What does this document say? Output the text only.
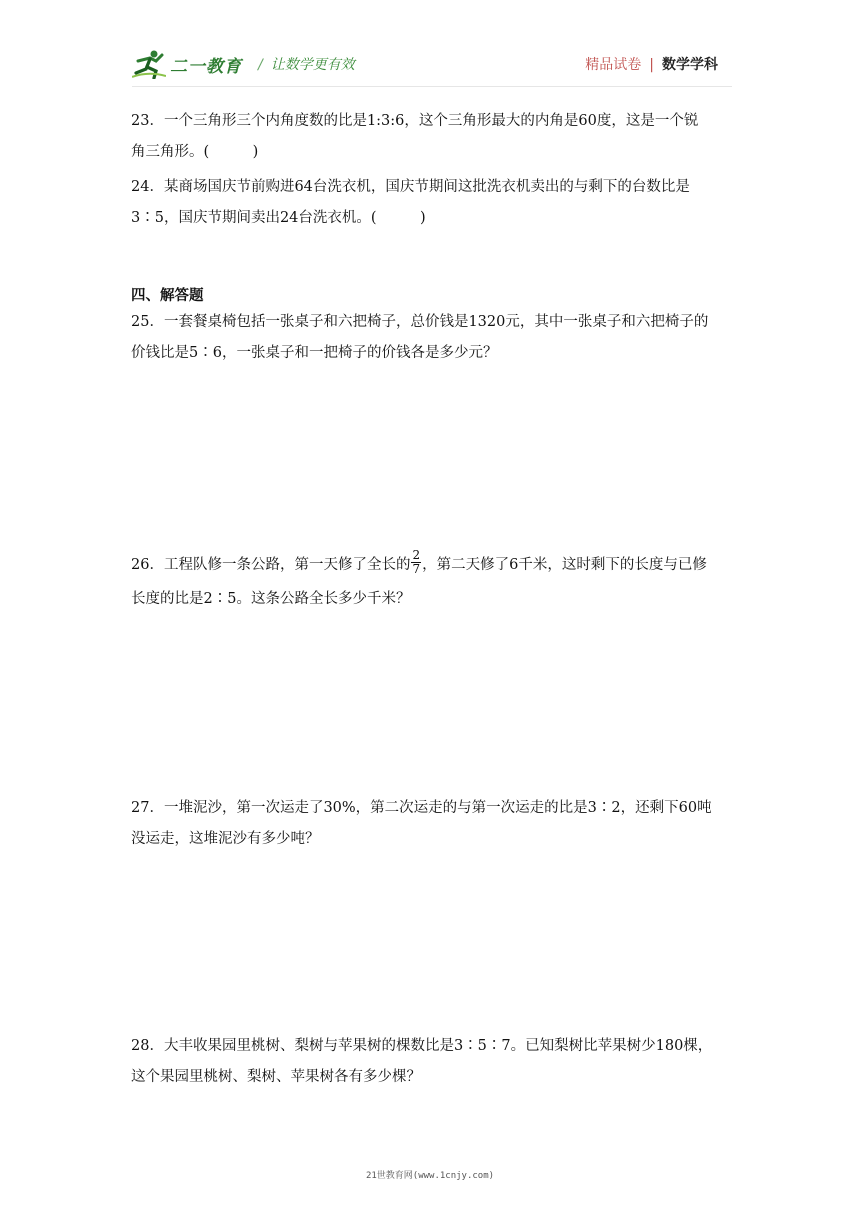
二一教育 / 让数学更有效	精品试卷 | 数学学科

23．一个三角形三个内角度数的比是1:3:6，这个三角形最大的内角是60度，这是一个锐

角三角形。(　　　)

24．某商场国庆节前购进64台洗衣机，国庆节期间这批洗衣机卖出的与剩下的台数比是

3∶5，国庆节期间卖出24台洗衣机。(　　　)

四、解答题

25．一套餐桌椅包括一张桌子和六把椅子，总价钱是1320元，其中一张桌子和六把椅子的

价钱比是5∶6，一张桌子和一把椅子的价钱各是多少元？

26．工程队修一条公路，第一天修了全长的 $\frac{2}{7}$ ，第二天修了6千米，这时剩下的长度与已修

长度的比是2∶5。这条公路全长多少千米？

27．一堆泥沙，第一次运走了30%，第二次运走的与第一次运走的比是3∶2，还剩下60吨

没运走，这堆泥沙有多少吨？

28．大丰收果园里桃树、梨树与苹果树的棵数比是3∶5∶7。已知梨树比苹果树少180棵，

这个果园里桃树、梨树、苹果树各有多少棵？

21世教育网(www.1cnjy.com)
